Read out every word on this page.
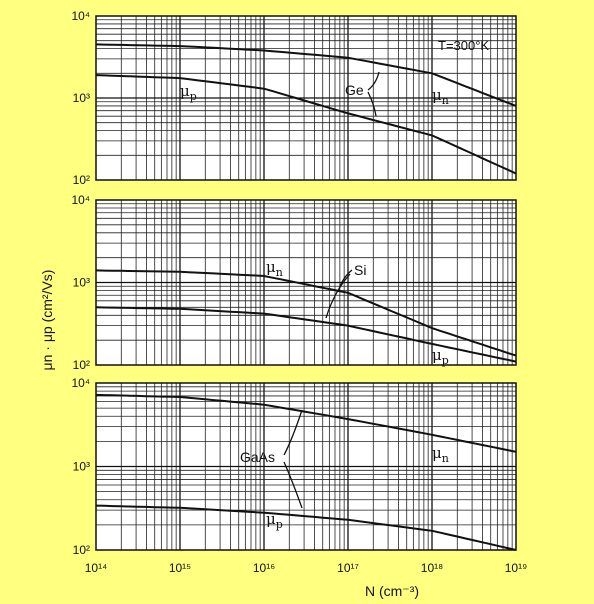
μn · μp (cm²/Vs)
N (cm⁻³)
10²
10³
10⁴
10²
10³
10⁴
10²
10³
10⁴
$\mu_p$	$\mu_n$
Ge
T=300°K
$\mu_n$
$\mu_p$
Si
$\mu_n$
$\mu_p$
GaAs
10¹⁴	10¹⁵	10¹⁶	10¹⁷	10¹⁸	10¹⁹
